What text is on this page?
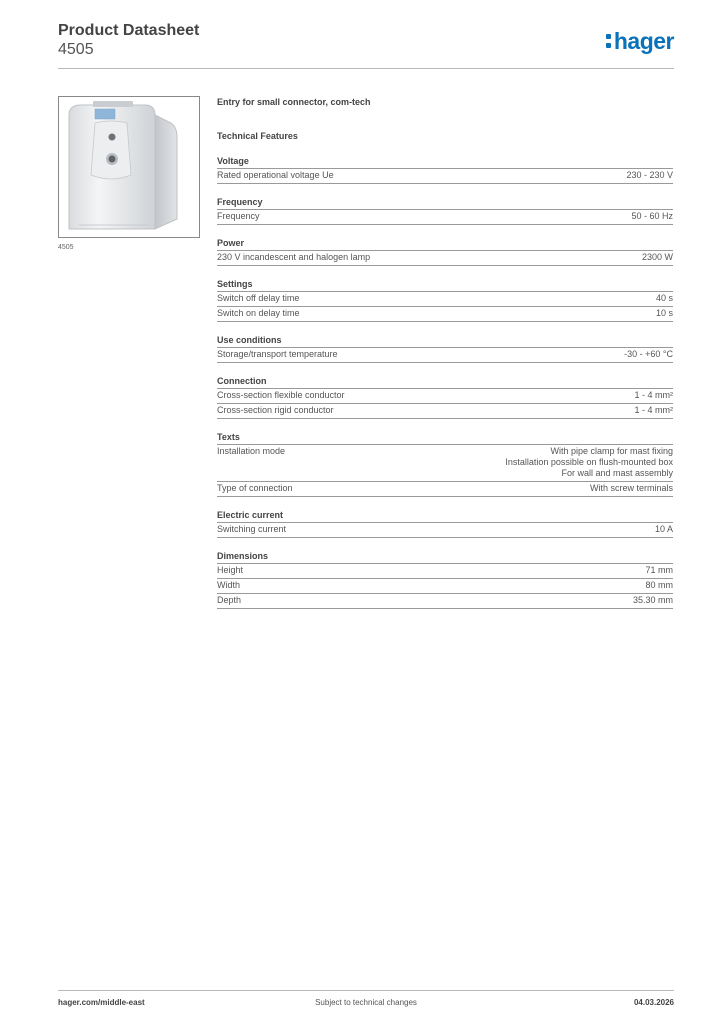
Product Datasheet
4505	hager
4505
Entry for small connector, com-tech
Technical Features
Voltage
Rated operational voltage Ue	230 - 230 V
Frequency
Frequency	50 - 60 Hz
Power
230 V incandescent and halogen lamp	2300 W
Settings
Switch off delay time	40 s
Switch on delay time	10 s
Use conditions
Storage/transport temperature	-30 - +60 °C
Connection
Cross-section flexible conductor	1 - 4 mm²
Cross-section rigid conductor	1 - 4 mm²
Texts
Installation mode	With pipe clamp for mast fixing
Installation possible on flush-mounted box
For wall and mast assembly
Type of connection	With screw terminals
Electric current
Switching current	10 A
Dimensions
Height	71 mm
Width	80 mm
Depth	35.30 mm
hager.com/middle-east	Subject to technical changes	04.03.2026
